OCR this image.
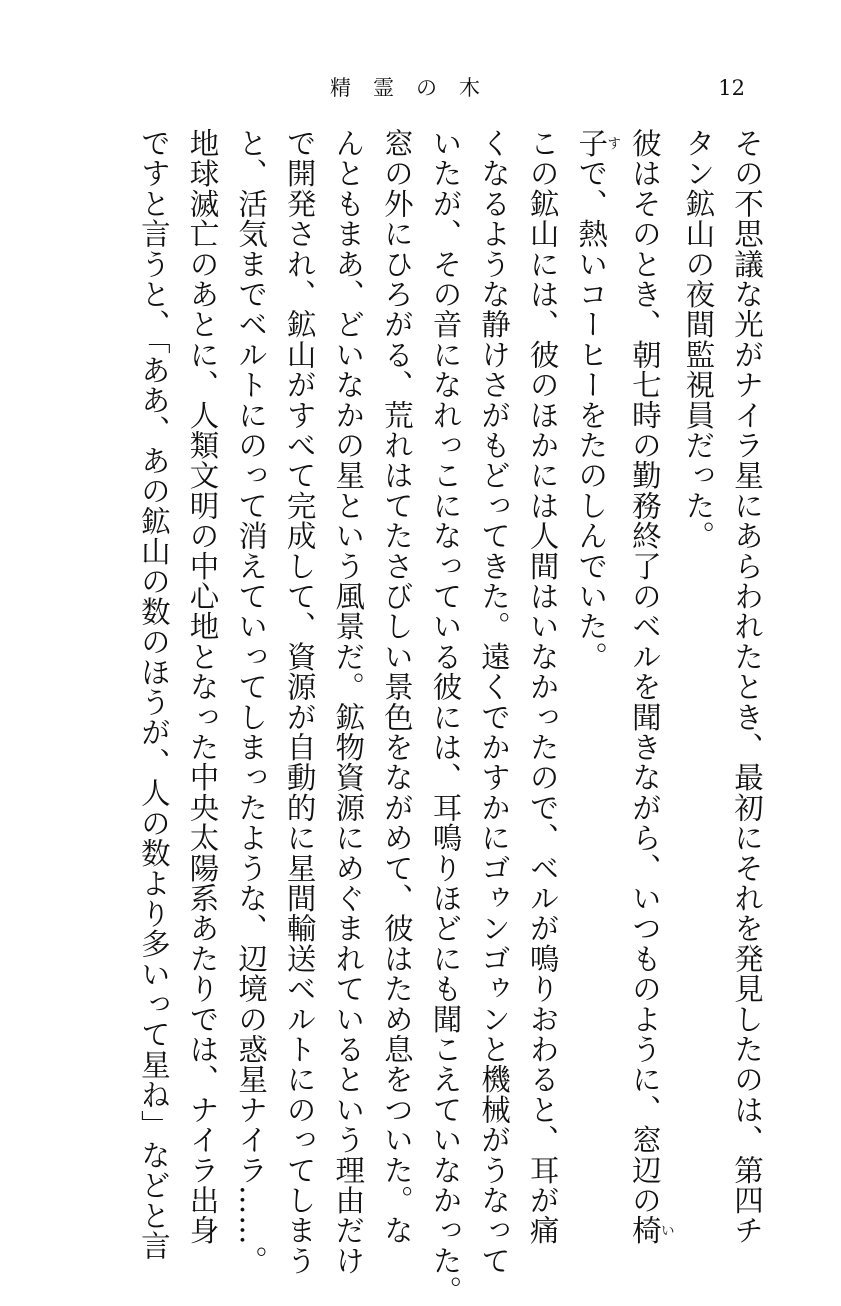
精霊の木	12
その不思議な光がナイラ星にあらわれたとき、最初にそれを発見したのは、第四チ
タン鉱山の夜間監視員だった。
彼はそのとき、朝七時の勤務終了のベルを聞きながら、いつものように、窓辺の椅い
子すで、熱いコーヒーをたのしんでいた。
この鉱山には、彼のほかには人間はいなかったので、ベルが鳴りおわると、耳が痛
くなるような静けさがもどってきた。遠くでかすかにゴゥンゴゥンと機械がうなって
いたが、その音になれっこになっている彼には、耳鳴りほどにも聞こえていなかった。
窓の外にひろがる、荒れはてたさびしい景色をながめて、彼はため息をついた。な
んともまあ、どいなかの星という風景だ。鉱物資源にめぐまれているという理由だけ
で開発され、鉱山がすべて完成して、資源が自動的に星間輸送ベルトにのってしまう
と、活気までベルトにのって消えていってしまったような、辺境の惑星ナイラ……。
地球滅亡のあとに、人類文明の中心地となった中央太陽系あたりでは、ナイラ出身
ですと言うと、「ああ、あの鉱山の数のほうが、人の数より多いって星ね」などと言
